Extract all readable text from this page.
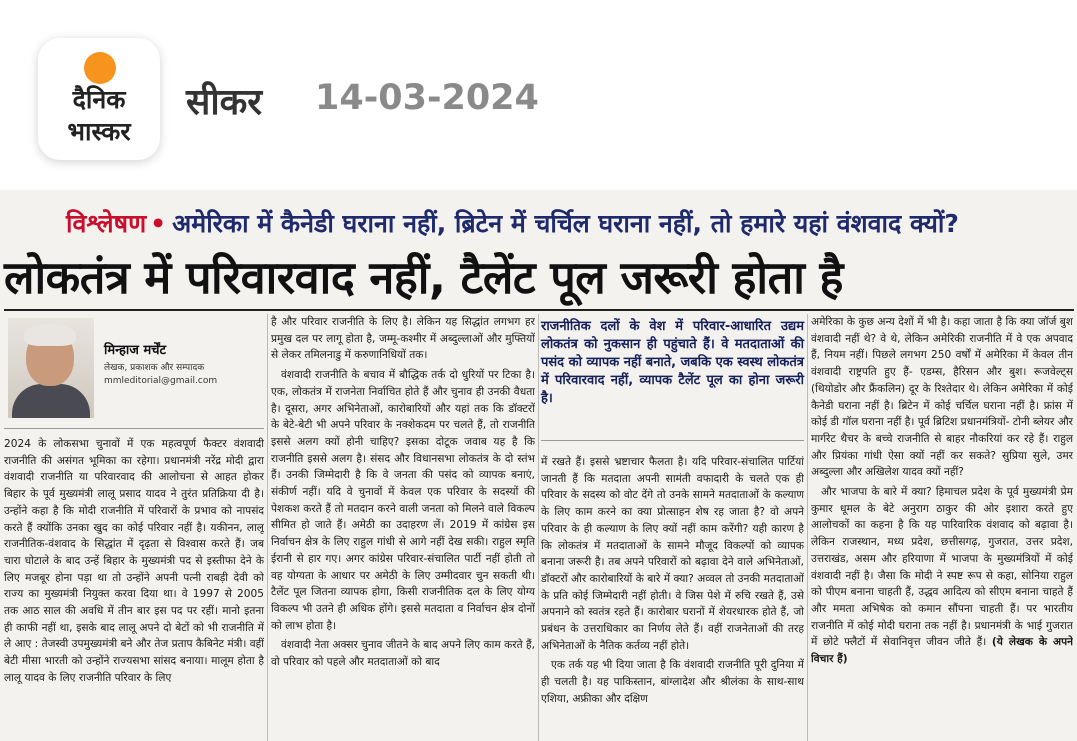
दैनिक
भास्कर
सीकर 14-03-2024
विश्लेषण • अमेरिका में कैनेडी घराना नहीं, ब्रिटेन में चर्चिल घराना नहीं, तो हमारे यहां वंशवाद क्यों?
लोकतंत्र में परिवारवाद नहीं, टैलेंट पूल जरूरी होता है
मिन्हाज मर्चेंट
लेखक, प्रकाशक और सम्पादक
mmleditorial@gmail.com

2024 के लोकसभा चुनावों में एक महत्वपूर्ण फैक्टर वंशवादी राजनीति की असंगत भूमिका का रहेगा। प्रधानमंत्री नरेंद्र मोदी द्वारा वंशवादी राजनीति या परिवारवाद की आलोचना से आहत होकर बिहार के पूर्व मुख्यमंत्री लालू प्रसाद यादव ने तुरंत प्रतिक्रिया दी है। उन्होंने कहा है कि मोदी राजनीति में परिवारों के प्रभाव को नापसंद करते हैं क्योंकि उनका खुद का कोई परिवार नहीं है। यकीनन, लालू राजनीतिक-वंशवाद के सिद्धांत में दृढ़ता से विश्वास करते हैं। जब चारा घोटाले के बाद उन्हें बिहार के मुख्यमंत्री पद से इस्तीफा देने के लिए मजबूर होना पड़ा था तो उन्होंने अपनी पत्नी राबड़ी देवी को राज्य का मुख्यमंत्री नियुक्त करवा दिया था। वे 1997 से 2005 तक आठ साल की अवधि में तीन बार इस पद पर रहीं। मानो इतना ही काफी नहीं था, इसके बाद लालू अपने दो बेटों को भी राजनीति में ले आए : तेजस्वी उपमुख्यमंत्री बने और तेज प्रताप कैबिनेट मंत्री। वहीं बेटी मीसा भारती को उन्होंने राज्यसभा सांसद बनाया। मालूम होता है लालू यादव के लिए राजनीति परिवार के लिए

है और परिवार राजनीति के लिए है। लेकिन यह सिद्धांत लगभग हर प्रमुख दल पर लागू होता है, जम्मू-कश्मीर में अब्दुल्लाओं और मुफ्तियों से लेकर तमिलनाडु में करुणानिधियों तक।

वंशवादी राजनीति के बचाव में बौद्धिक तर्क दो धुरियों पर टिका है। एक, लोकतंत्र में राजनेता निर्वाचित होते हैं और चुनाव ही उनकी वैधता है। दूसरा, अगर अभिनेताओं, कारोबारियों और यहां तक कि डॉक्टरों के बेटे-बेटी भी अपने परिवार के नक्शेकदम पर चलते हैं, तो राजनीति इससे अलग क्यों होनी चाहिए? इसका दोटूक जवाब यह है कि राजनीति इससे अलग है। संसद और विधानसभा लोकतंत्र के दो स्तंभ हैं। उनकी जिम्मेदारी है कि वे जनता की पसंद को व्यापक बनाएं, संकीर्ण नहीं। यदि वे चुनावों में केवल एक परिवार के सदस्यों की पेशकश करते हैं तो मतदान करने वाली जनता को मिलने वाले विकल्प सीमित हो जाते हैं। अमेठी का उदाहरण लें। 2019 में कांग्रेस इस निर्वाचन क्षेत्र के लिए राहुल गांधी से आगे नहीं देख सकी। राहुल स्मृति ईरानी से हार गए। अगर कांग्रेस परिवार-संचालित पार्टी नहीं होती तो वह योग्यता के आधार पर अमेठी के लिए उम्मीदवार चुन सकती थी। टैलेंट पूल जितना व्यापक होगा, किसी राजनीतिक दल के लिए योग्य विकल्प भी उतने ही अधिक होंगे। इससे मतदाता व निर्वाचन क्षेत्र दोनों को लाभ होता है।

वंशवादी नेता अक्सर चुनाव जीतने के बाद अपने लिए काम करते हैं, वो परिवार को पहले और मतदाताओं को बाद

राजनीतिक दलों के वेश में परिवार-आधारित उद्यम लोकतंत्र को नुकसान ही पहुंचाते हैं। वे मतदाताओं की पसंद को व्यापक नहीं बनाते, जबकि एक स्वस्थ लोकतंत्र में परिवारवाद नहीं, व्यापक टैलेंट पूल का होना जरूरी है।

में रखते हैं। इससे भ्रष्टाचार फैलता है। यदि परिवार-संचालित पार्टियां जानती हैं कि मतदाता अपनी सामंती वफादारी के चलते एक ही परिवार के सदस्य को वोट देंगे तो उनके सामने मतदाताओं के कल्याण के लिए काम करने का क्या प्रोत्साहन शेष रह जाता है? वो अपने परिवार के ही कल्याण के लिए क्यों नहीं काम करेंगी? यही कारण है कि लोकतंत्र में मतदाताओं के सामने मौजूद विकल्पों को व्यापक बनाना जरूरी है। तब अपने परिवारों को बढ़ावा देने वाले अभिनेताओं, डॉक्टरों और कारोबारियों के बारे में क्या? अव्वल तो उनकी मतदाताओं के प्रति कोई जिम्मेदारी नहीं होती। वे जिस पेशे में रुचि रखते हैं, उसे अपनाने को स्वतंत्र रहते हैं। कारोबार घरानों में शेयरधारक होते हैं, जो प्रबंधन के उत्तराधिकार का निर्णय लेते हैं। वहीं राजनेताओं की तरह अभिनेताओं के नैतिक कर्तव्य नहीं होते।

एक तर्क यह भी दिया जाता है कि वंशवादी राजनीति पूरी दुनिया में ही चलती है। यह पाकिस्तान, बांग्लादेश और श्रीलंका के साथ-साथ एशिया, अफ्रीका और दक्षिण

अमेरिका के कुछ अन्य देशों में भी है। कहा जाता है कि क्या जॉर्ज बुश वंशवादी नहीं थे? वे थे, लेकिन अमेरिकी राजनीति में वे एक अपवाद हैं, नियम नहीं। पिछले लगभग 250 वर्षों में अमेरिका में केवल तीन वंशवादी राष्ट्रपति हुए हैं- एडम्स, हैरिसन और बुश। रूजवेल्ट्स (थियोडोर और फ्रैंकलिन) दूर के रिश्तेदार थे। लेकिन अमेरिका में कोई कैनेडी घराना नहीं है। ब्रिटेन में कोई चर्चिल घराना नहीं है। फ्रांस में कोई डी गॉल घराना नहीं है। पूर्व ब्रिटिश प्रधानमंत्रियों- टोनी ब्लेयर और मार्गरेट थैचर के बच्चे राजनीति से बाहर नौकरियां कर रहे हैं। राहुल और प्रियंका गांधी ऐसा क्यों नहीं कर सकते? सुप्रिया सुले, उमर अब्दुल्ला और अखिलेश यादव क्यों नहीं?

और भाजपा के बारे में क्या? हिमाचल प्रदेश के पूर्व मुख्यमंत्री प्रेम कुमार धूमल के बेटे अनुराग ठाकुर की ओर इशारा करते हुए आलोचकों का कहना है कि यह पारिवारिक वंशवाद को बढ़ावा है। लेकिन राजस्थान, मध्य प्रदेश, छत्तीसगढ़, गुजरात, उत्तर प्रदेश, उत्तराखंड, असम और हरियाणा में भाजपा के मुख्यमंत्रियों में कोई वंशवादी नहीं है। जैसा कि मोदी ने स्पष्ट रूप से कहा, सोनिया राहुल को पीएम बनाना चाहती हैं, उद्धव आदित्य को सीएम बनाना चाहते हैं और ममता अभिषेक को कमान सौंपना चाहती हैं। पर भारतीय राजनीति में कोई मोदी घराना तक नहीं है। प्रधानमंत्री के भाई गुजरात में छोटे फ्लैटों में सेवानिवृत्त जीवन जीते हैं। (ये लेखक के अपने विचार हैं)
